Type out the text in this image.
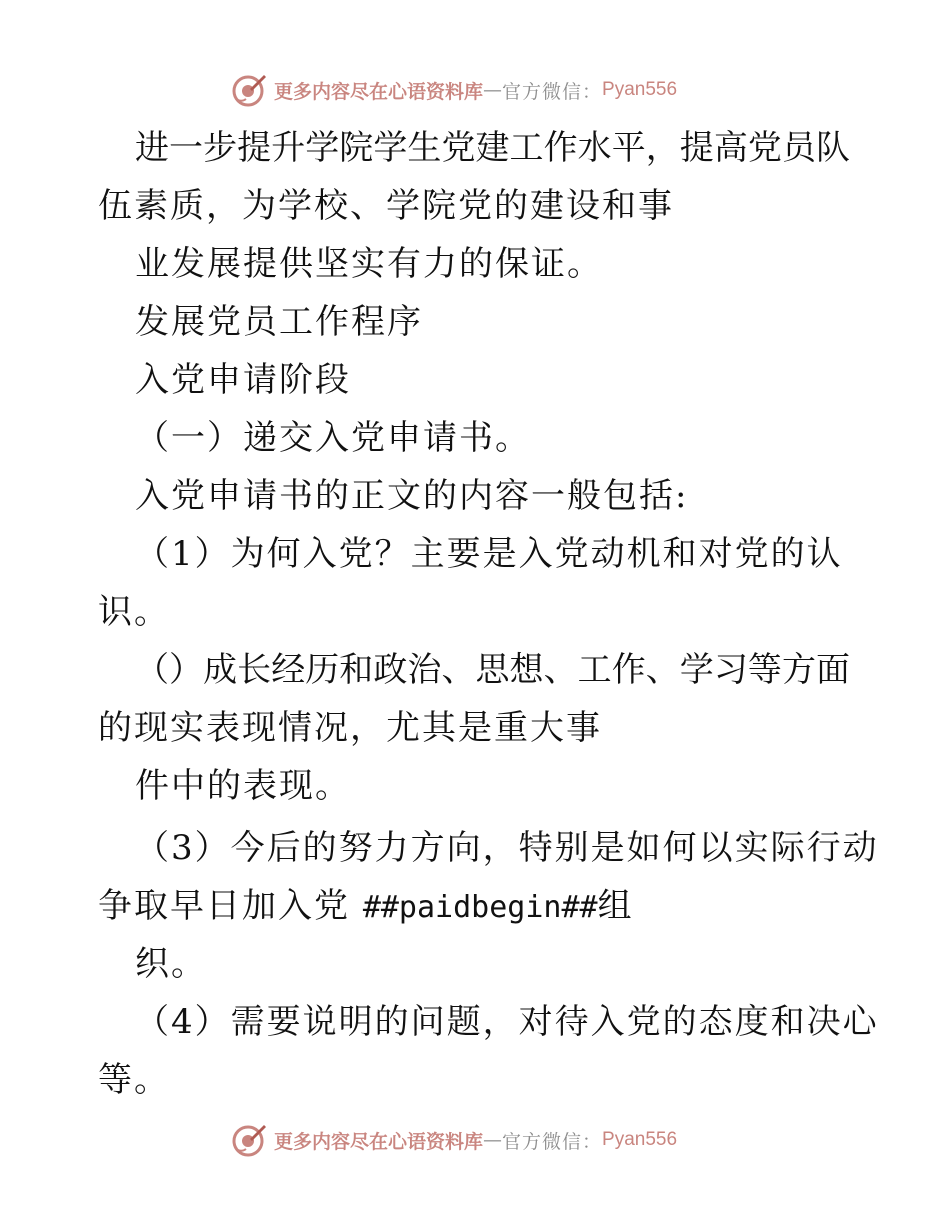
更多内容尽在心语资料库 — 官方微信： Pyan556
进一步提升学院学生党建工作水平，提高党员队
伍素质，为学校、学院党的建设和事
业发展提供坚实有力的保证。
发展党员工作程序
入党申请阶段
（一）递交入党申请书。
入党申请书的正文的内容一般包括:
（1）为何入党？主要是入党动机和对党的认
识。
（）成长经历和政治、思想、工作、学习等方面
的现实表现情况，尤其是重大事
件中的表现。
（3）今后的努力方向，特别是如何以实际行动
争取早日加入党 ##paidbegin##组
织。
（4）需要说明的问题，对待入党的态度和决心
等。
更多内容尽在心语资料库 — 官方微信： Pyan556
